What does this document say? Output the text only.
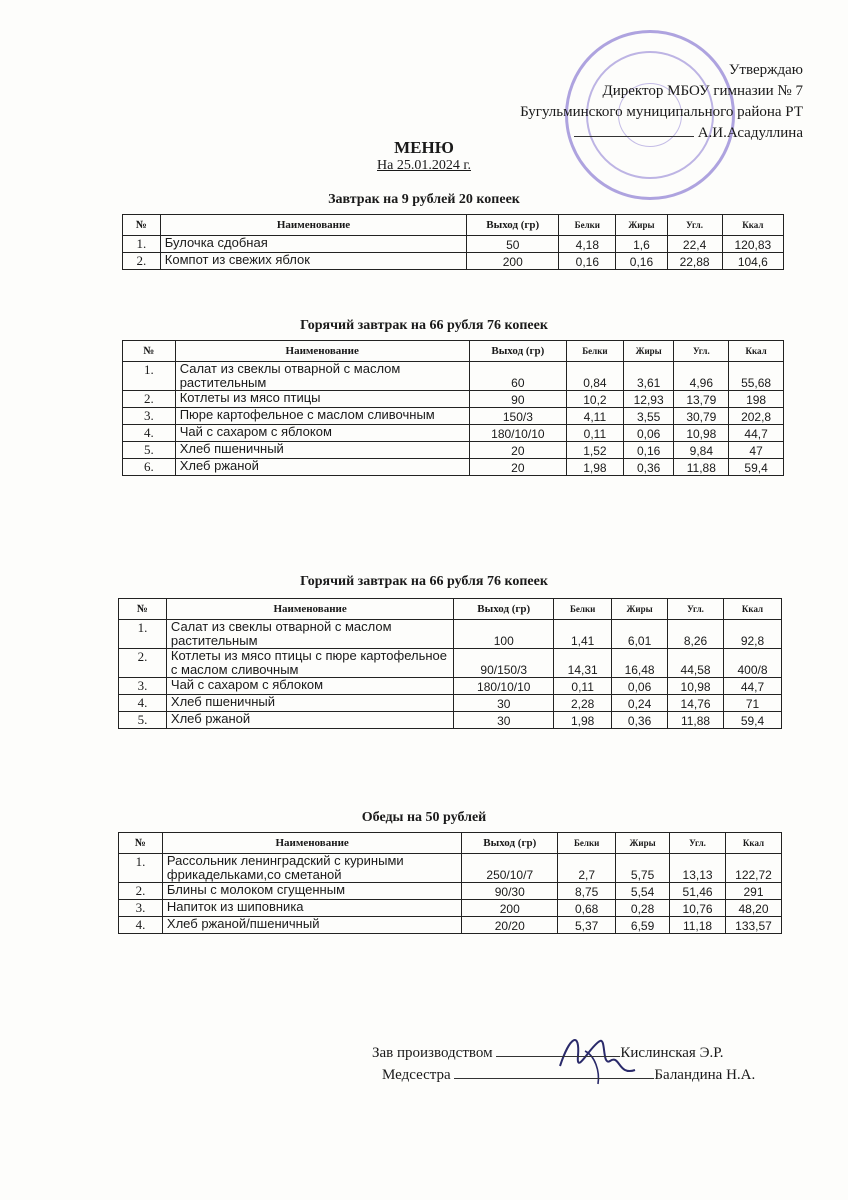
Утверждаю
Директор МБОУ гимназии № 7
Бугульминского муниципального района РТ
А.И.Асадуллина
МЕНЮ
На 25.01.2024 г.
Завтрак на 9 рублей 20 копеек
№	Наименование	Выход (гр)	Белки	Жиры	Угл.	Ккал
1.	Булочка сдобная	50	4,18	1,6	22,4	120,83
2.	Компот из свежих яблок	200	0,16	0,16	22,88	104,6
Горячий завтрак на 66 рубля 76 копеек
№	Наименование	Выход (гр)	Белки	Жиры	Угл.	Ккал
1.	Салат из свеклы отварной с маслом растительным	60	0,84	3,61	4,96	55,68
2.	Котлеты из мясо птицы	90	10,2	12,93	13,79	198
3.	Пюре картофельное с маслом сливочным	150/3	4,11	3,55	30,79	202,8
4.	Чай с сахаром с яблоком	180/10/10	0,11	0,06	10,98	44,7
5.	Хлеб пшеничный	20	1,52	0,16	9,84	47
6.	Хлеб ржаной	20	1,98	0,36	11,88	59,4
Горячий завтрак на 66 рубля 76 копеек
№	Наименование	Выход (гр)	Белки	Жиры	Угл.	Ккал
1.	Салат из свеклы отварной с маслом растительным	100	1,41	6,01	8,26	92,8
2.	Котлеты из мясо птицы с пюре картофельное с маслом сливочным	90/150/3	14,31	16,48	44,58	400/8
3.	Чай с сахаром с яблоком	180/10/10	0,11	0,06	10,98	44,7
4.	Хлеб пшеничный	30	2,28	0,24	14,76	71
5.	Хлеб ржаной	30	1,98	0,36	11,88	59,4
Обеды на 50 рублей
№	Наименование	Выход (гр)	Белки	Жиры	Угл.	Ккал
1.	Рассольник ленинградский с куриными фрикадельками,со сметаной	250/10/7	2,7	5,75	13,13	122,72
2.	Блины с молоком сгущенным	90/30	8,75	5,54	51,46	291
3.	Напиток из шиповника	200	0,68	0,28	10,76	48,20
4.	Хлеб ржаной/пшеничный	20/20	5,37	6,59	11,18	133,57
Зав производством	Кислинская Э.Р.
Медсестра	Баландина Н.А.
